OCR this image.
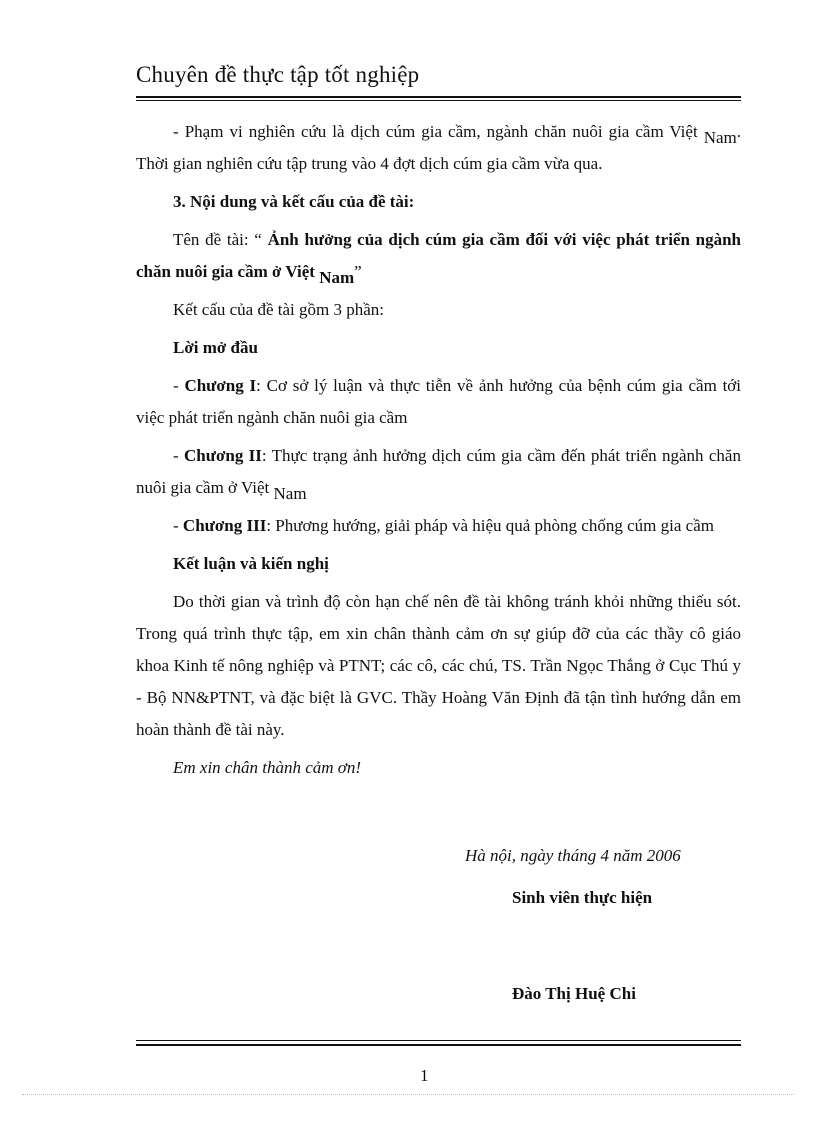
Chuyên đề thực tập tốt nghiệp

- Phạm vi nghiên cứu là dịch cúm gia cầm, ngành chăn nuôi gia cầm Việt Nam. Thời gian nghiên cứu tập trung vào 4 đợt dịch cúm gia cầm vừa qua.

3. Nội dung và kết cấu của đề tài:

Tên đề tài: “ Ảnh hưởng của dịch cúm gia cầm đối với việc phát triển ngành chăn nuôi gia cầm ở Việt Nam”

Kết cấu của đề tài gồm 3 phần:

Lời mở đầu

- Chương I: Cơ sở lý luận và thực tiễn về ảnh hưởng của bệnh cúm gia cầm tới việc phát triển ngành chăn nuôi gia cầm

- Chương II: Thực trạng ảnh hưởng dịch cúm gia cầm đến phát triển ngành chăn nuôi gia cầm ở Việt Nam

- Chương III: Phương hướng, giải pháp và hiệu quả phòng chống cúm gia cầm

Kết luận và kiến nghị

Do thời gian và trình độ còn hạn chế nên đề tài không tránh khỏi những thiếu sót. Trong quá trình thực tập, em xin chân thành cảm ơn sự giúp đỡ của các thầy cô giáo khoa Kinh tế nông nghiệp và PTNT; các cô, các chú, TS. Trần Ngọc Thắng ở Cục Thú y - Bộ NN&PTNT, và đặc biệt là GVC. Thầy Hoàng Văn Định đã tận tình hướng dẫn em hoàn thành đề tài này.

Em xin chân thành cảm ơn!

Hà nội, ngày tháng 4 năm 2006
Sinh viên thực hiện
Đào Thị Huệ Chi
1
